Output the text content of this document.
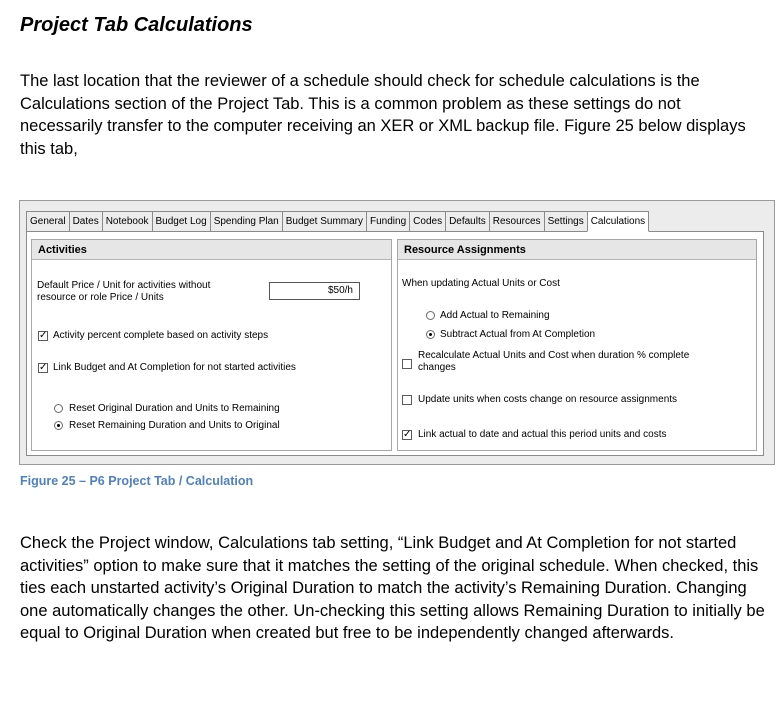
Project Tab Calculations

The last location that the reviewer of a schedule should check for schedule calculations is the Calculations section of the Project Tab. This is a common problem as these settings do not necessarily transfer to the computer receiving an XER or XML backup file. Figure 25 below displays this tab,

General Dates Notebook Budget Log Spending Plan Budget Summary Funding Codes Defaults Resources Settings Calculations
Activities
Default Price / Unit for activities without
resource or role Price / Units
$50/h
✓ Activity percent complete based on activity steps
✓ Link Budget and At Completion for not started activities
Reset Original Duration and Units to Remaining
Reset Remaining Duration and Units to Original
Resource Assignments
When updating Actual Units or Cost
Add Actual to Remaining
Subtract Actual from At Completion
Recalculate Actual Units and Cost when duration % complete
changes
Update units when costs change on resource assignments
✓ Link actual to date and actual this period units and costs

Figure 25 – P6 Project Tab / Calculation

Check the Project window, Calculations tab setting, “Link Budget and At Completion for not started activities” option to make sure that it matches the setting of the original schedule. When checked, this ties each unstarted activity’s Original Duration to match the activity’s Remaining Duration. Changing one automatically changes the other. Un-checking this setting allows Remaining Duration to initially be equal to Original Duration when created but free to be independently changed afterwards.
